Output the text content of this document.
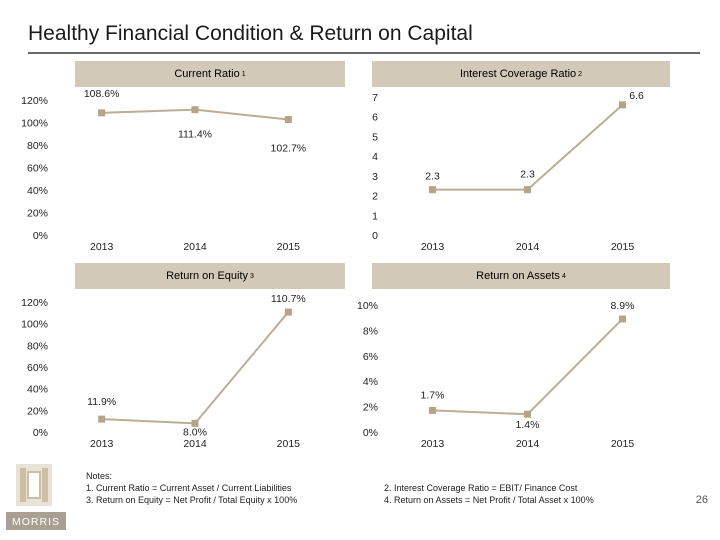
Healthy Financial Condition & Return on Capital
Current Ratio 1	Interest Coverage Ratio 2
Return on Equity 3	Return on Assets 4
120%
100%
80%
60%
40%
20%
0%
2013	2014	2015
108.6%
111.4%
102.7%
7
6
5
4
3
2
1
0
2013	2014	2015
2.3	2.3
6.6
120%
100%
80%
60%
40%
20%
0%
2013	2014	2015
11.9%
8.0%
110.7%
10%
8%
6%
4%
2%
0%
2013	2014	2015
1.7%
1.4%
8.9%
Notes:
1. Current Ratio = Current Asset / Current Liabilities
3. Return on Equity = Net Profit / Total Equity x 100%
2. Interest Coverage Ratio = EBIT/ Finance Cost
4. Return on Assets = Net Profit / Total Asset x 100%
MORRIS
26
